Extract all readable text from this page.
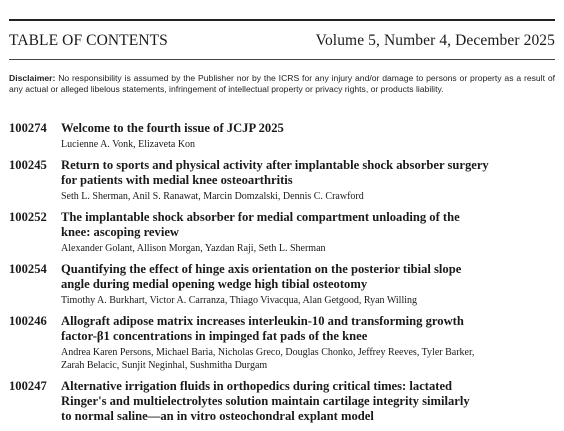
TABLE OF CONTENTS	Volume 5, Number 4, December 2025
Disclaimer: No responsibility is assumed by the Publisher nor by the ICRS for any injury and/or damage to persons or property as a result of any actual or alleged libelous statements, infringement of intellectual property or privacy rights, or products liability.
100274 Welcome to the fourth issue of JCJP 2025
Lucienne A. Vonk, Elizaveta Kon
100245 Return to sports and physical activity after implantable shock absorber surgery
for patients with medial knee osteoarthritis
Seth L. Sherman, Anil S. Ranawat, Marcin Domzalski, Dennis C. Crawford
100252 The implantable shock absorber for medial compartment unloading of the
knee: ascoping review
Alexander Golant, Allison Morgan, Yazdan Raji, Seth L. Sherman
100254 Quantifying the effect of hinge axis orientation on the posterior tibial slope
angle during medial opening wedge high tibial osteotomy
Timothy A. Burkhart, Victor A. Carranza, Thiago Vivacqua, Alan Getgood, Ryan Willing
100246 Allograft adipose matrix increases interleukin-10 and transforming growth
factor-β1 concentrations in impinged fat pads of the knee
Andrea Karen Persons, Michael Baria, Nicholas Greco, Douglas Chonko, Jeffrey Reeves, Tyler Barker,
Zarah Belacic, Sunjit Neginhal, Sushmitha Durgam
100247 Alternative irrigation fluids in orthopedics during critical times: lactated
Ringer's and multielectrolytes solution maintain cartilage integrity similarly
to normal saline—an in vitro osteochondral explant model
